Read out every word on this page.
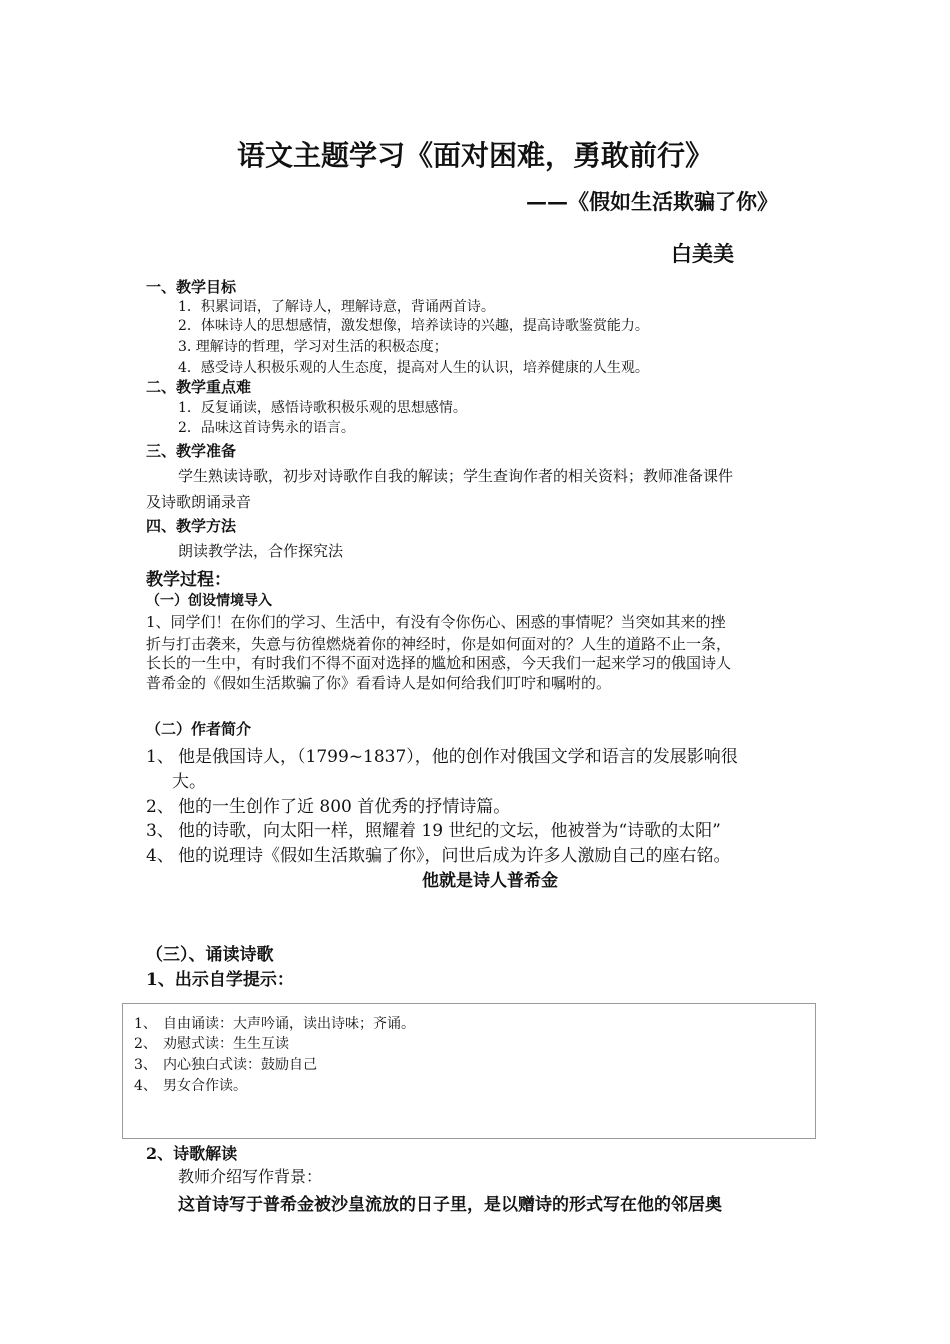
语文主题学习《面对困难，勇敢前行》
——《假如生活欺骗了你》
白美美
一、教学目标
1．积累词语，了解诗人，理解诗意，背诵两首诗。
2．体味诗人的思想感情，激发想像，培养读诗的兴趣，提高诗歌鉴赏能力。
3. 理解诗的哲理，学习对生活的积极态度；
4．感受诗人积极乐观的人生态度，提高对人生的认识，培养健康的人生观。
二、教学重点难
1．反复诵读，感悟诗歌积极乐观的思想感情。
2．品味这首诗隽永的语言。
三、教学准备
学生熟读诗歌，初步对诗歌作自我的解读；学生查询作者的相关资料；教师准备课件
及诗歌朗诵录音
四、教学方法
朗读教学法，合作探究法
教学过程：
（一）创设情境导入
1、同学们！在你们的学习、生活中，有没有令你伤心、困惑的事情呢？当突如其来的挫
折与打击袭来，失意与彷徨燃烧着你的神经时，你是如何面对的？人生的道路不止一条，
长长的一生中，有时我们不得不面对选择的尴尬和困惑，今天我们一起来学习的俄国诗人
普希金的《假如生活欺骗了你》看看诗人是如何给我们叮咛和嘱咐的。
（二）作者简介
1、 他是俄国诗人，（1799~1837），他的创作对俄国文学和语言的发展影响很
大。
2、 他的一生创作了近 800 首优秀的抒情诗篇。
3、 他的诗歌，向太阳一样，照耀着 19 世纪的文坛，他被誉为“诗歌的太阳”
4、 他的说理诗《假如生活欺骗了你》，问世后成为许多人激励自己的座右铭。
他就是诗人普希金
（三）、诵读诗歌
1、出示自学提示：
1、 自由诵读：大声吟诵，读出诗味；齐诵。
2、 劝慰式读：生生互读
3、 内心独白式读：鼓励自己
4、 男女合作读。
2、诗歌解读
教师介绍写作背景：
这首诗写于普希金被沙皇流放的日子里，是以赠诗的形式写在他的邻居奥
